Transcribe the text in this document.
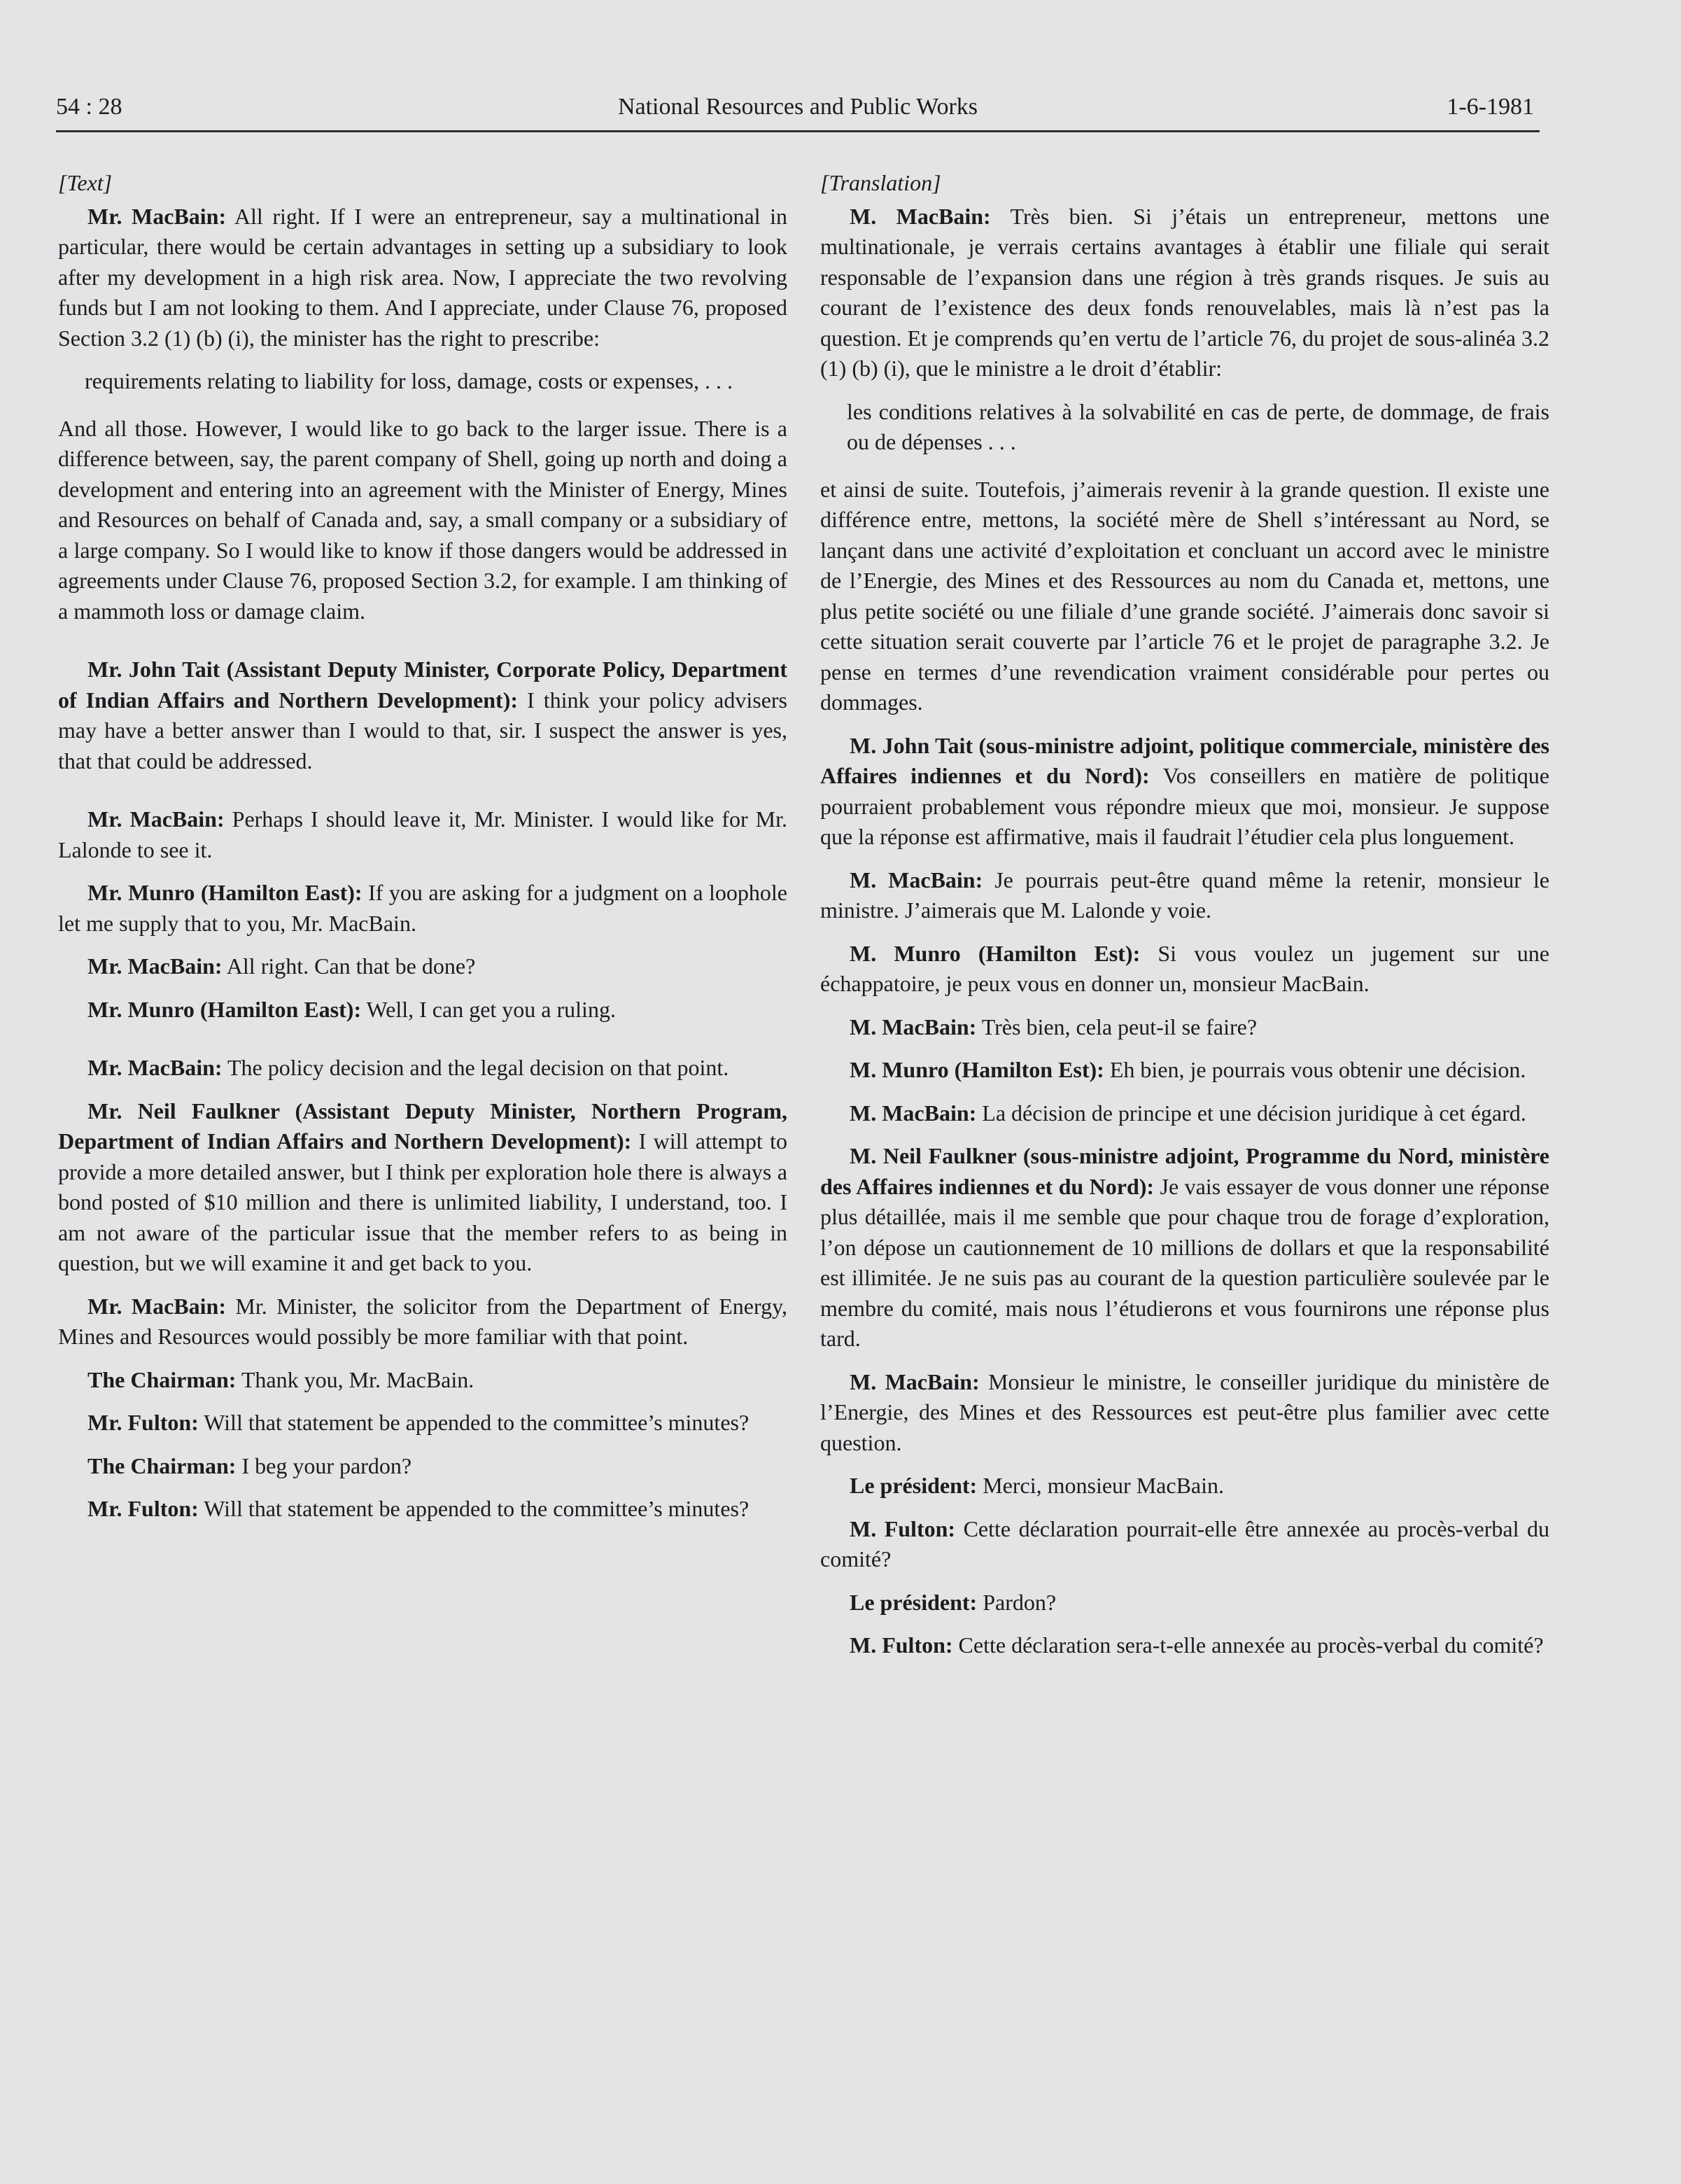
54 : 28	National Resources and Public Works	1-6-1981

[Text]

Mr. MacBain: All right. If I were an entrepreneur, say a multinational in particular, there would be certain advantages in setting up a subsidiary to look after my development in a high risk area. Now, I appreciate the two revolving funds but I am not looking to them. And I appreciate, under Clause 76, proposed Section 3.2 (1) (b) (i), the minister has the right to prescribe:

requirements relating to liability for loss, damage, costs or expenses, . . .

And all those. However, I would like to go back to the larger issue. There is a difference between, say, the parent company of Shell, going up north and doing a development and entering into an agreement with the Minister of Energy, Mines and Resources on behalf of Canada and, say, a small company or a subsidiary of a large company. So I would like to know if those dangers would be addressed in agreements under Clause 76, proposed Section 3.2, for example. I am thinking of a mammoth loss or damage claim.

Mr. John Tait (Assistant Deputy Minister, Corporate Policy, Department of Indian Affairs and Northern Development): I think your policy advisers may have a better answer than I would to that, sir. I suspect the answer is yes, that that could be addressed.

Mr. MacBain: Perhaps I should leave it, Mr. Minister. I would like for Mr. Lalonde to see it.

Mr. Munro (Hamilton East): If you are asking for a judgment on a loophole let me supply that to you, Mr. MacBain.

Mr. MacBain: All right. Can that be done?

Mr. Munro (Hamilton East): Well, I can get you a ruling.

Mr. MacBain: The policy decision and the legal decision on that point.

Mr. Neil Faulkner (Assistant Deputy Minister, Northern Program, Department of Indian Affairs and Northern Development): I will attempt to provide a more detailed answer, but I think per exploration hole there is always a bond posted of $10 million and there is unlimited liability, I understand, too. I am not aware of the particular issue that the member refers to as being in question, but we will examine it and get back to you.

Mr. MacBain: Mr. Minister, the solicitor from the Department of Energy, Mines and Resources would possibly be more familiar with that point.

The Chairman: Thank you, Mr. MacBain.

Mr. Fulton: Will that statement be appended to the committee’s minutes?

The Chairman: I beg your pardon?

Mr. Fulton: Will that statement be appended to the committee’s minutes?

[Translation]

M. MacBain: Très bien. Si j’étais un entrepreneur, mettons une multinationale, je verrais certains avantages à établir une filiale qui serait responsable de l’expansion dans une région à très grands risques. Je suis au courant de l’existence des deux fonds renouvelables, mais là n’est pas la question. Et je comprends qu’en vertu de l’article 76, du projet de sous-alinéa 3.2 (1) (b) (i), que le ministre a le droit d’établir:

les conditions relatives à la solvabilité en cas de perte, de dommage, de frais ou de dépenses . . .

et ainsi de suite. Toutefois, j’aimerais revenir à la grande question. Il existe une différence entre, mettons, la société mère de Shell s’intéressant au Nord, se lançant dans une activité d’exploitation et concluant un accord avec le ministre de l’Energie, des Mines et des Ressources au nom du Canada et, mettons, une plus petite société ou une filiale d’une grande société. J’aimerais donc savoir si cette situation serait couverte par l’article 76 et le projet de paragraphe 3.2. Je pense en termes d’une revendication vraiment considérable pour pertes ou dommages.

M. John Tait (sous-ministre adjoint, politique commerciale, ministère des Affaires indiennes et du Nord): Vos conseillers en matière de politique pourraient probablement vous répondre mieux que moi, monsieur. Je suppose que la réponse est affirmative, mais il faudrait l’étudier cela plus longuement.

M. MacBain: Je pourrais peut-être quand même la retenir, monsieur le ministre. J’aimerais que M. Lalonde y voie.

M. Munro (Hamilton Est): Si vous voulez un jugement sur une échappatoire, je peux vous en donner un, monsieur MacBain.

M. MacBain: Très bien, cela peut-il se faire?

M. Munro (Hamilton Est): Eh bien, je pourrais vous obtenir une décision.

M. MacBain: La décision de principe et une décision juridique à cet égard.

M. Neil Faulkner (sous-ministre adjoint, Programme du Nord, ministère des Affaires indiennes et du Nord): Je vais essayer de vous donner une réponse plus détaillée, mais il me semble que pour chaque trou de forage d’exploration, l’on dépose un cautionnement de 10 millions de dollars et que la responsabilité est illimitée. Je ne suis pas au courant de la question particulière soulevée par le membre du comité, mais nous l’étudierons et vous fournirons une réponse plus tard.

M. MacBain: Monsieur le ministre, le conseiller juridique du ministère de l’Energie, des Mines et des Ressources est peut-être plus familier avec cette question.

Le président: Merci, monsieur MacBain.

M. Fulton: Cette déclaration pourrait-elle être annexée au procès-verbal du comité?

Le président: Pardon?

M. Fulton: Cette déclaration sera-t-elle annexée au procès-verbal du comité?
